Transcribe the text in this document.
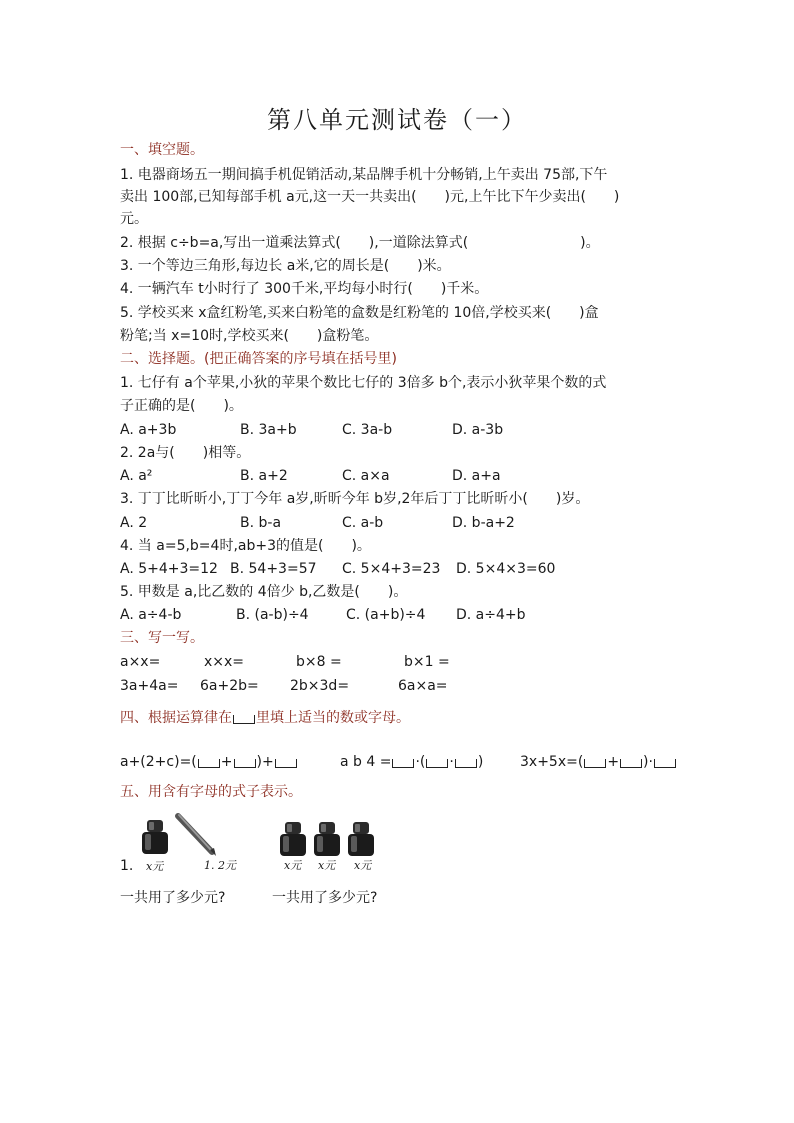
第八单元测试卷（一）
一、填空题。
1. 电器商场五一期间搞手机促销活动,某品牌手机十分畅销,上午卖出 75部,下午
卖出 100部,已知每部手机 a元,这一天一共卖出(　　)元,上午比下午少卖出(　　)
元。
2. 根据 c÷b=a,写出一道乘法算式(　　),一道除法算式(　　　　　　　　)。
3. 一个等边三角形,每边长 a米,它的周长是(　　)米。
4. 一辆汽车 t小时行了 300千米,平均每小时行(　　)千米。
5. 学校买来 x盒红粉笔,买来白粉笔的盒数是红粉笔的 10倍,学校买来(　　)盒
粉笔;当 x=10时,学校买来(　　)盒粉笔。
二、选择题。(把正确答案的序号填在括号里)
1. 七仔有 a个苹果,小狄的苹果个数比七仔的 3倍多 b个,表示小狄苹果个数的式
子正确的是(　　)。
A. a+3b	B. 3a+b	C. 3a-b	D. a-3b
2. 2a与(　　)相等。
A. a²	B. a+2	C. a×a	D. a+a
3. 丁丁比昕昕小,丁丁今年 a岁,昕昕今年 b岁,2年后丁丁比昕昕小(　　)岁。
A. 2	B. b-a	C. a-b	D. b-a+2
4. 当 a=5,b=4时,ab+3的值是(　　)。
A. 5+4+3=12 B. 54+3=57 C. 5×4+3=23 D. 5×4×3=60
5. 甲数是 a,比乙数的 4倍少 b,乙数是(　　)。
A. a÷4-b	B. (a-b)÷4	C. (a+b)÷4 D. a÷4+b
三、写一写。
a×x=	x×x=	b×8 =	b×1 =
3a+4a= 6a+2b= 2b×3d=	6a×a=
四、根据运算律在 里填上适当的数或字母。
a+(2+c)=( + )+	a b 4 = ·( · )	3x+5x=( + )·
五、用含有字母的式子表示。
1. x元	1. 2元	x元 x元 x元
一共用了多少元?	一共用了多少元?
